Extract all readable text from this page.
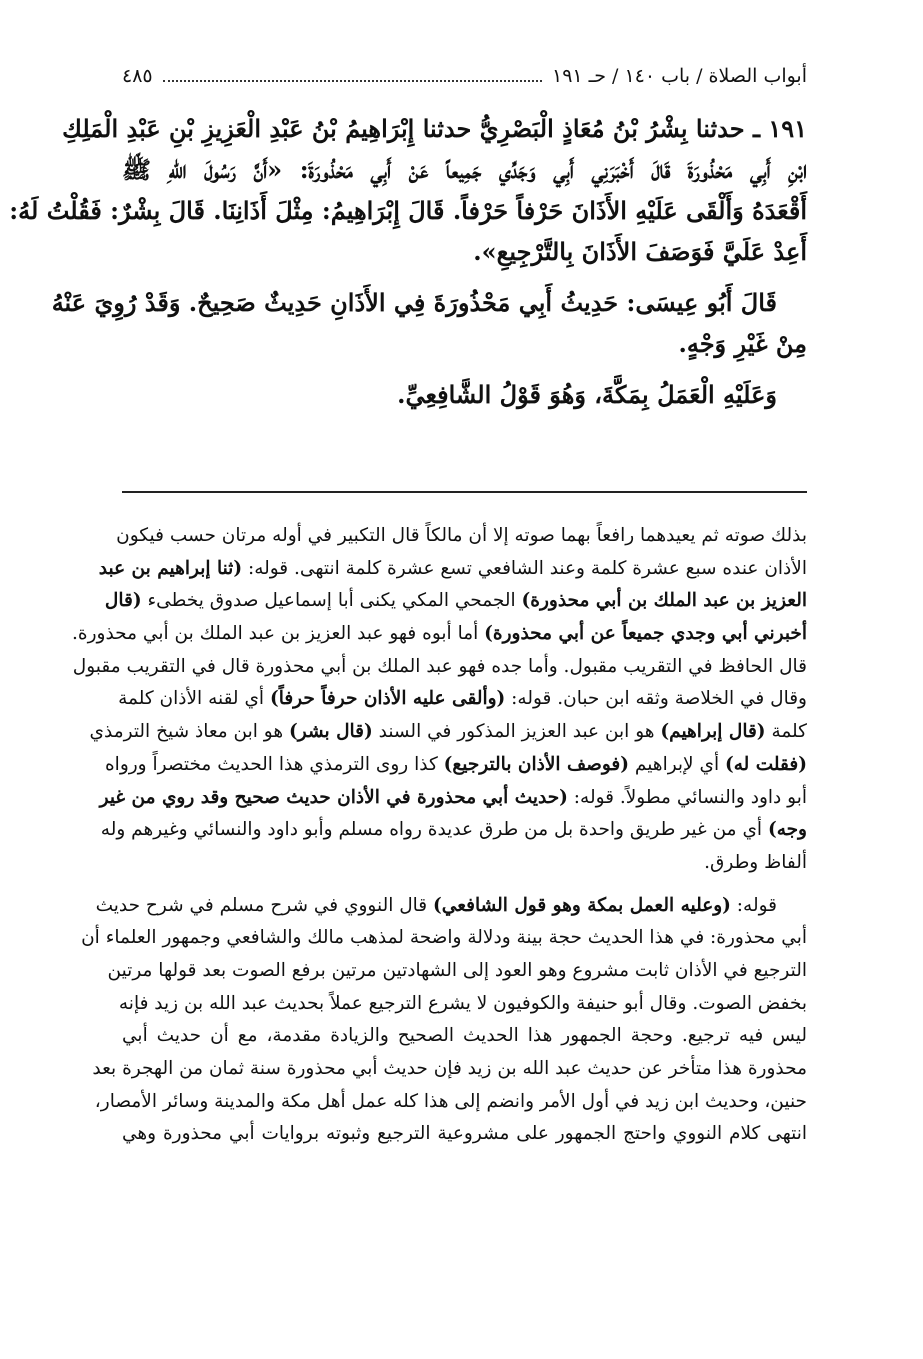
أبواب الصلاة / باب ١٤٠ / حـ ١٩١
٤٨٥
١٩١ ـ حدثنا بِشْرُ بْنُ مُعَاذٍ الْبَصْرِيُّ حدثنا إِبْرَاهِيمُ بْنُ عَبْدِ الْعَزِيزِ بْنِ عَبْدِ الْمَلِكِ
ابْنِ أَبِي مَحْذُورَةَ قَالَ أَخْبَرَنِي أَبِي وَجَدِّي جَمِيعاً عَنْ أَبِي مَحْذُورَةَ: «أَنَّ رَسُولَ اللهِ ﷺ
أَقْعَدَهُ وَأَلْقَى عَلَيْهِ الأَذَانَ حَرْفاً حَرْفاً. قَالَ إِبْرَاهِيمُ: مِثْلَ أَذَانِنَا. قَالَ بِشْرٌ: فَقُلْتُ لَهُ:
أَعِدْ عَلَيَّ فَوَصَفَ الأَذَانَ بِالتَّرْجِيعِ».
قَالَ أَبُو عِيسَى: حَدِيثُ أَبِي مَحْذُورَةَ فِي الأَذَانِ حَدِيثٌ صَحِيحٌ. وَقَدْ رُوِيَ عَنْهُ
مِنْ غَيْرِ وَجْهٍ.
وَعَلَيْهِ الْعَمَلُ بِمَكَّةَ، وَهُوَ قَوْلُ الشَّافِعِيِّ.
بذلك صوته ثم يعيدهما رافعاً بهما صوته إلا أن مالكاً قال التكبير في أوله مرتان حسب فيكون
الأذان عنده سبع عشرة كلمة وعند الشافعي تسع عشرة كلمة انتهى. قوله: (ثنا إبراهيم بن عبد
العزيز بن عبد الملك بن أبي محذورة) الجمحي المكي يكنى أبا إسماعيل صدوق يخطىء (قال
أخبرني أبي وجدي جميعاً عن أبي محذورة) أما أبوه فهو عبد العزيز بن عبد الملك بن أبي محذورة.
قال الحافظ في التقريب مقبول. وأما جده فهو عبد الملك بن أبي محذورة قال في التقريب مقبول
وقال في الخلاصة وثقه ابن حبان. قوله: (وألقى عليه الأذان حرفاً حرفاً) أي لقنه الأذان كلمة
كلمة (قال إبراهيم) هو ابن عبد العزيز المذكور في السند (قال بشر) هو ابن معاذ شيخ الترمذي
(فقلت له) أي لإبراهيم (فوصف الأذان بالترجيع) كذا روى الترمذي هذا الحديث مختصراً ورواه
أبو داود والنسائي مطولاً. قوله: (حديث أبي محذورة في الأذان حديث صحيح وقد روي من غير
وجه) أي من غير طريق واحدة بل من طرق عديدة رواه مسلم وأبو داود والنسائي وغيرهم وله
ألفاظ وطرق.
قوله: (وعليه العمل بمكة وهو قول الشافعي) قال النووي في شرح مسلم في شرح حديث
أبي محذورة: في هذا الحديث حجة بينة ودلالة واضحة لمذهب مالك والشافعي وجمهور العلماء أن
الترجيع في الأذان ثابت مشروع وهو العود إلى الشهادتين مرتين برفع الصوت بعد قولها مرتين
بخفض الصوت. وقال أبو حنيفة والكوفيون لا يشرع الترجيع عملاً بحديث عبد الله بن زيد فإنه
ليس فيه ترجيع. وحجة الجمهور هذا الحديث الصحيح والزيادة مقدمة، مع أن حديث أبي
محذورة هذا متأخر عن حديث عبد الله بن زيد فإن حديث أبي محذورة سنة ثمان من الهجرة بعد
حنين، وحديث ابن زيد في أول الأمر وانضم إلى هذا كله عمل أهل مكة والمدينة وسائر الأمصار،
انتهى كلام النووي واحتج الجمهور على مشروعية الترجيع وثبوته بروايات أبي محذورة وهي
